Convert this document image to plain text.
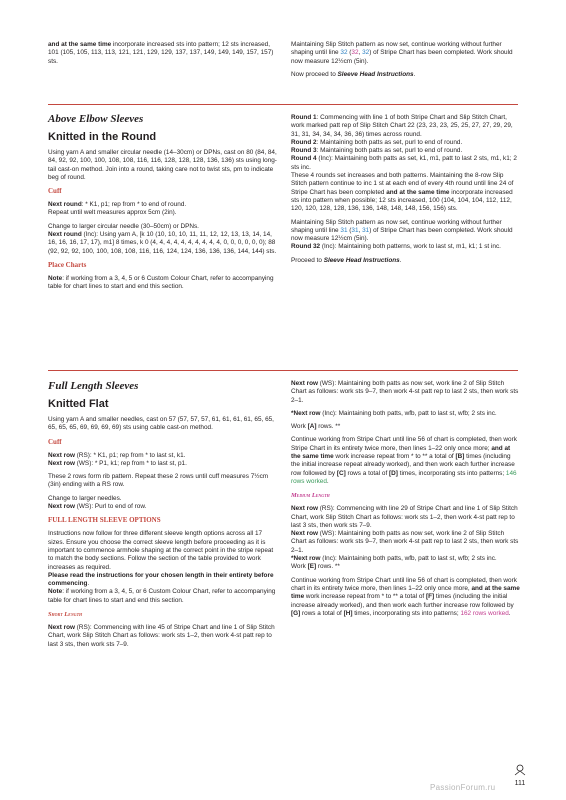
and at the same time incorporate increased sts into pattern; 12 sts increased, 101 (105, 105, 113, 113, 121, 121, 129, 129, 137, 137, 149, 149, 149, 157, 157) sts.

Maintaining Slip Stitch pattern as now set, continue working without further shaping until line 32 (32, 32) of Stripe Chart has been completed. Work should now measure 12½cm (5in).

Now proceed to Sleeve Head Instructions.

Above Elbow Sleeves

Knitted in the Round

Using yarn A and smaller circular needle (14–30cm) or DPNs, cast on 80 (84, 84, 84, 92, 92, 100, 100, 108, 108, 116, 116, 128, 128, 128, 136, 136) sts using long-tail cast-on method. Join into a round, taking care not to twist sts, pm to indicate beg of round.

Cuff

Next round: * K1, p1; rep from * to end of round.

Repeat until welt measures approx 5cm (2in).

Change to larger circular needle (30–50cm) or DPNs.

Next round (Inc): Using yarn A, [k 10 (10, 10, 10, 11, 11, 12, 12, 13, 13, 14, 14, 16, 16, 16, 17, 17), m1] 8 times, k 0 (4, 4, 4, 4, 4, 4, 4, 4, 4, 4, 0, 0, 0, 0, 0, 0); 88 (92, 92, 92, 100, 100, 108, 108, 116, 116, 124, 124, 136, 136, 136, 144, 144) sts.

Place Charts

Note: if working from a 3, 4, 5 or 6 Custom Colour Chart, refer to accompanying table for chart lines to start and end this section.

Round 1: Commencing with line 1 of both Stripe Chart and Slip Stitch Chart, work marked patt rep of Slip Stitch Chart 22 (23, 23, 23, 25, 25, 27, 27, 29, 29, 31, 31, 34, 34, 34, 36, 36) times across round.

Round 2: Maintaining both patts as set, purl to end of round.

Round 3: Maintaining both patts as set, purl to end of round.

Round 4 (Inc): Maintaining both patts as set, k1, m1, patt to last 2 sts, m1, k1; 2 sts inc.

These 4 rounds set increases and both patterns. Maintaining the 8-row Slip Stitch pattern continue to inc 1 st at each end of every 4th round until line 24 of Stripe Chart has been completed and at the same time incorporate increased sts into pattern when possible; 12 sts increased, 100 (104, 104, 104, 112, 112, 120, 120, 128, 128, 136, 136, 148, 148, 148, 156, 156) sts.

Maintaining Slip Stitch pattern as now set, continue working without further shaping until line 31 (31, 31) of Stripe Chart has been completed. Work should now measure 12½cm (5in).

Round 32 (Inc): Maintaining both patterns, work to last st, m1, k1; 1 st inc.

Proceed to Sleeve Head Instructions.

Full Length Sleeves

Knitted Flat

Using yarn A and smaller needles, cast on 57 (57, 57, 57, 61, 61, 61, 61, 65, 65, 65, 65, 65, 69, 69, 69, 69) sts using cable cast-on method.

Cuff

Next row (RS): * K1, p1; rep from * to last st, k1.

Next row (WS): * P1, k1; rep from * to last st, p1.

These 2 rows form rib pattern. Repeat these 2 rows until cuff measures 7½cm (3in) ending with a RS row.

Change to larger needles.

Next row (WS): Purl to end of row.

FULL LENGTH SLEEVE OPTIONS

Instructions now follow for three different sleeve length options across all 17 sizes. Ensure you choose the correct sleeve length before proceeding as it is important to commence armhole shaping at the correct point in the stripe repeat to match the body sections. Follow the section of the table provided to work increases as required.

Please read the instructions for your chosen length in their entirety before commencing.

Note: if working from a 3, 4, 5, or 6 Custom Colour Chart, refer to accompanying table for chart lines to start and end this section.

Short Length

Next row (RS): Commencing with line 45 of Stripe Chart and line 1 of Slip Stitch Chart, work Slip Stitch Chart as follows: work sts 1–2, then work 4-st patt rep to last 3 sts, then work sts 7–9.

Next row (WS): Maintaining both patts as now set, work line 2 of Slip Stitch Chart as follows: work sts 9–7, then work 4-st patt rep to last 2 sts, then work sts 2–1.

*Next row (Inc): Maintaining both patts, wfb, patt to last st, wfb; 2 sts inc.

Work [A] rows. **

Continue working from Stripe Chart until line 56 of chart is completed, then work Stripe Chart in its entirety twice more, then lines 1–22 only once more; and at the same time work increase repeat from * to ** a total of [B] times (including the initial increase repeat already worked), and then work each further increase row followed by [C] rows a total of [D] times, incorporating sts into patterns; 146 rows worked.

Medium Length

Next row (RS): Commencing with line 29 of Stripe Chart and line 1 of Slip Stitch Chart, work Slip Stitch Chart as follows: work sts 1–2, then work 4-st patt rep to last 3 sts, then work sts 7–9.

Next row (WS): Maintaining both patts as now set, work line 2 of Slip Stitch Chart as follows: work sts 9–7, then work 4-st patt rep to last 2 sts, then work sts 2–1.

*Next row (Inc): Maintaining both patts, wfb, patt to last st, wfb; 2 sts inc.

Work [E] rows. **

Continue working from Stripe Chart until line 56 of chart is completed, then work chart in its entirety twice more, then lines 1–22 only once more, and at the same time work increase repeat from * to ** a total of [F] times (including the initial increase already worked), and then work each further increase row followed by [G] rows a total of [H] times, incorporating sts into patterns; 162 rows worked.

111
PassionForum.ru
